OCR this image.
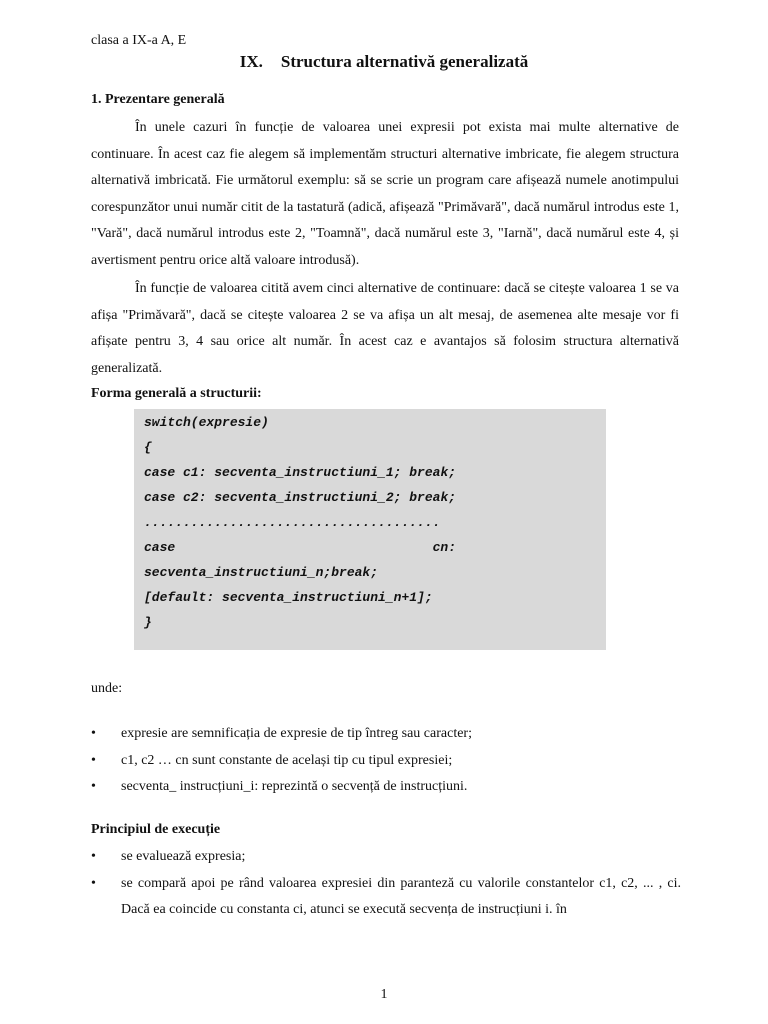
clasa a IX-a A, E
IX. Structura alternativă generalizată
1. Prezentare generală

În unele cazuri în funcție de valoarea unei expresii pot exista mai multe alternative de continuare. În acest caz fie alegem să implementăm structuri alternative imbricate, fie alegem structura alternativă imbricată. Fie următorul exemplu: să se scrie un program care afișează numele anotimpului corespunzător unui număr citit de la tastatură (adică, afișează "Primăvară", dacă numărul introdus este 1, "Vară", dacă numărul introdus este 2, "Toamnă", dacă numărul este 3, "Iarnă", dacă numărul este 4, și avertisment pentru orice altă valoare introdusă).

În funcție de valoarea citită avem cinci alternative de continuare: dacă se citește valoarea 1 se va afișa "Primăvară", dacă se citește valoarea 2 se va afișa un alt mesaj, de asemenea alte mesaje vor fi afișate pentru 3, 4 sau orice alt număr. În acest caz e avantajos să folosim structura alternativă generalizată.

Forma generală a structurii:
switch(expresie)
{
case c1: secventa_instructiuni_1; break;
case c2: secventa_instructiuni_2; break;
......................................
case	cn:
secventa_instructiuni_n;break;
[default: secventa_instructiuni_n+1];
}
unde:
• expresie are semnificația de expresie de tip întreg sau caracter;
• c1, c2 … cn sunt constante de același tip cu tipul expresiei;
• secventa_ instrucțiuni_i: reprezintă o secvență de instrucțiuni.
Principiul de execuție
• se evaluează expresia;
• se compară apoi pe rând valoarea expresiei din paranteză cu valorile constantelor c1, c2, ... , ci. Dacă ea coincide cu constanta ci, atunci se execută secvența de instrucțiuni i. în
1
